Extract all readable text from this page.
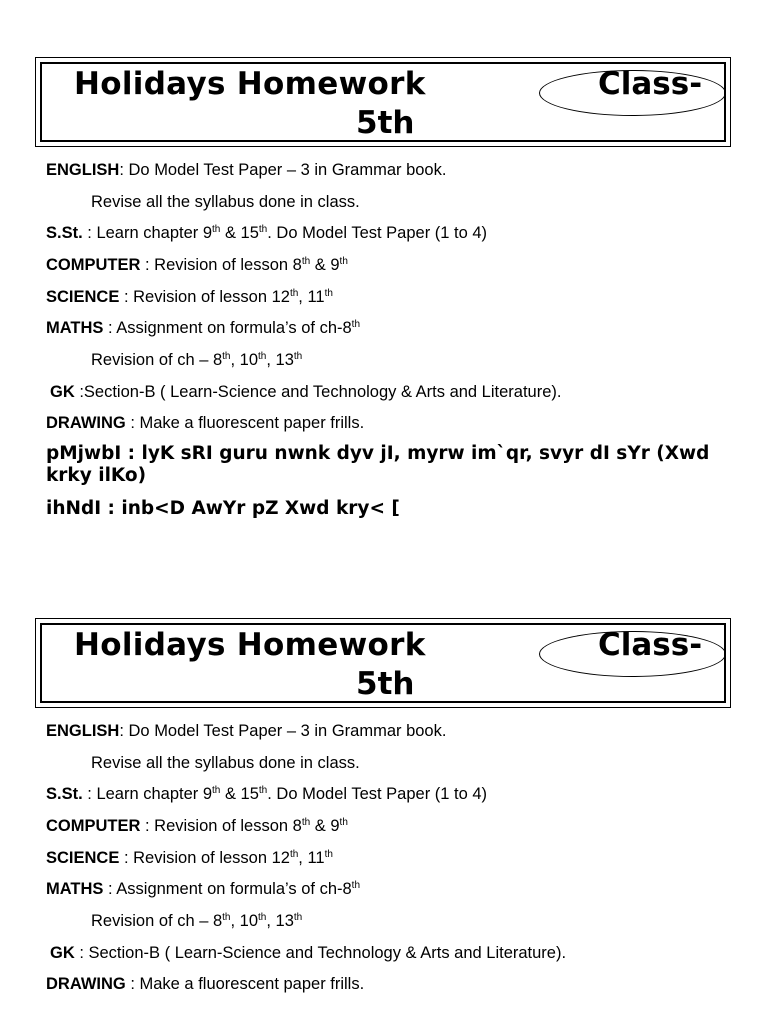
Holidays Homework	Class-
5th
ENGLISH: Do Model Test Paper – 3 in Grammar book.
Revise all the syllabus done in class.
S.St. : Learn chapter 9th & 15th. Do Model Test Paper (1 to 4)
COMPUTER : Revision of lesson 8th & 9th
SCIENCE : Revision of lesson 12th, 11th
MATHS : Assignment on formula’s of ch-8th
Revision of ch – 8th, 10th, 13th
GK :Section-B ( Learn-Science and Technology & Arts and Literature).
DRAWING : Make a fluorescent paper frills.
pMjwbI : lyK sRI guru nwnk dyv jI, myrw im`qr, svyr dI sYr (Xwd krky ilKo)
ihNdI : inb<D AwYr pZ Xwd kry< [
Holidays Homework	Class-
5th
ENGLISH: Do Model Test Paper – 3 in Grammar book.
Revise all the syllabus done in class.
S.St. : Learn chapter 9th & 15th. Do Model Test Paper (1 to 4)
COMPUTER : Revision of lesson 8th & 9th
SCIENCE : Revision of lesson 12th, 11th
MATHS : Assignment on formula’s of ch-8th
Revision of ch – 8th, 10th, 13th
GK : Section-B ( Learn-Science and Technology & Arts and Literature).
DRAWING : Make a fluorescent paper frills.
